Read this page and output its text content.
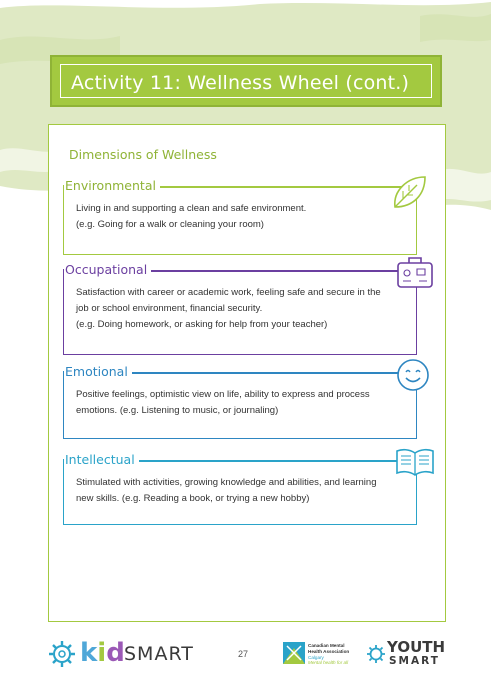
Activity 11: Wellness Wheel (cont.)
Dimensions of Wellness
Environmental
Living in and supporting a clean and safe environment.
(e.g. Going for a walk or cleaning your room)
Occupational
Satisfaction with career or academic work, feeling safe and secure in the
job or school environment, financial security.
(e.g. Doing homework, or asking for help from your teacher)
Emotional
Positive feelings, optimistic view on life, ability to express and process
emotions. (e.g. Listening to music, or journaling)
Intellectual
Stimulated with activities, growing knowledge and abilities, and learning
new skills. (e.g. Reading a book, or trying a new hobby)
kid SMART	27
Canadian Mental
Health Association
Calgary
Mental health for all
YOUTH
SMART
